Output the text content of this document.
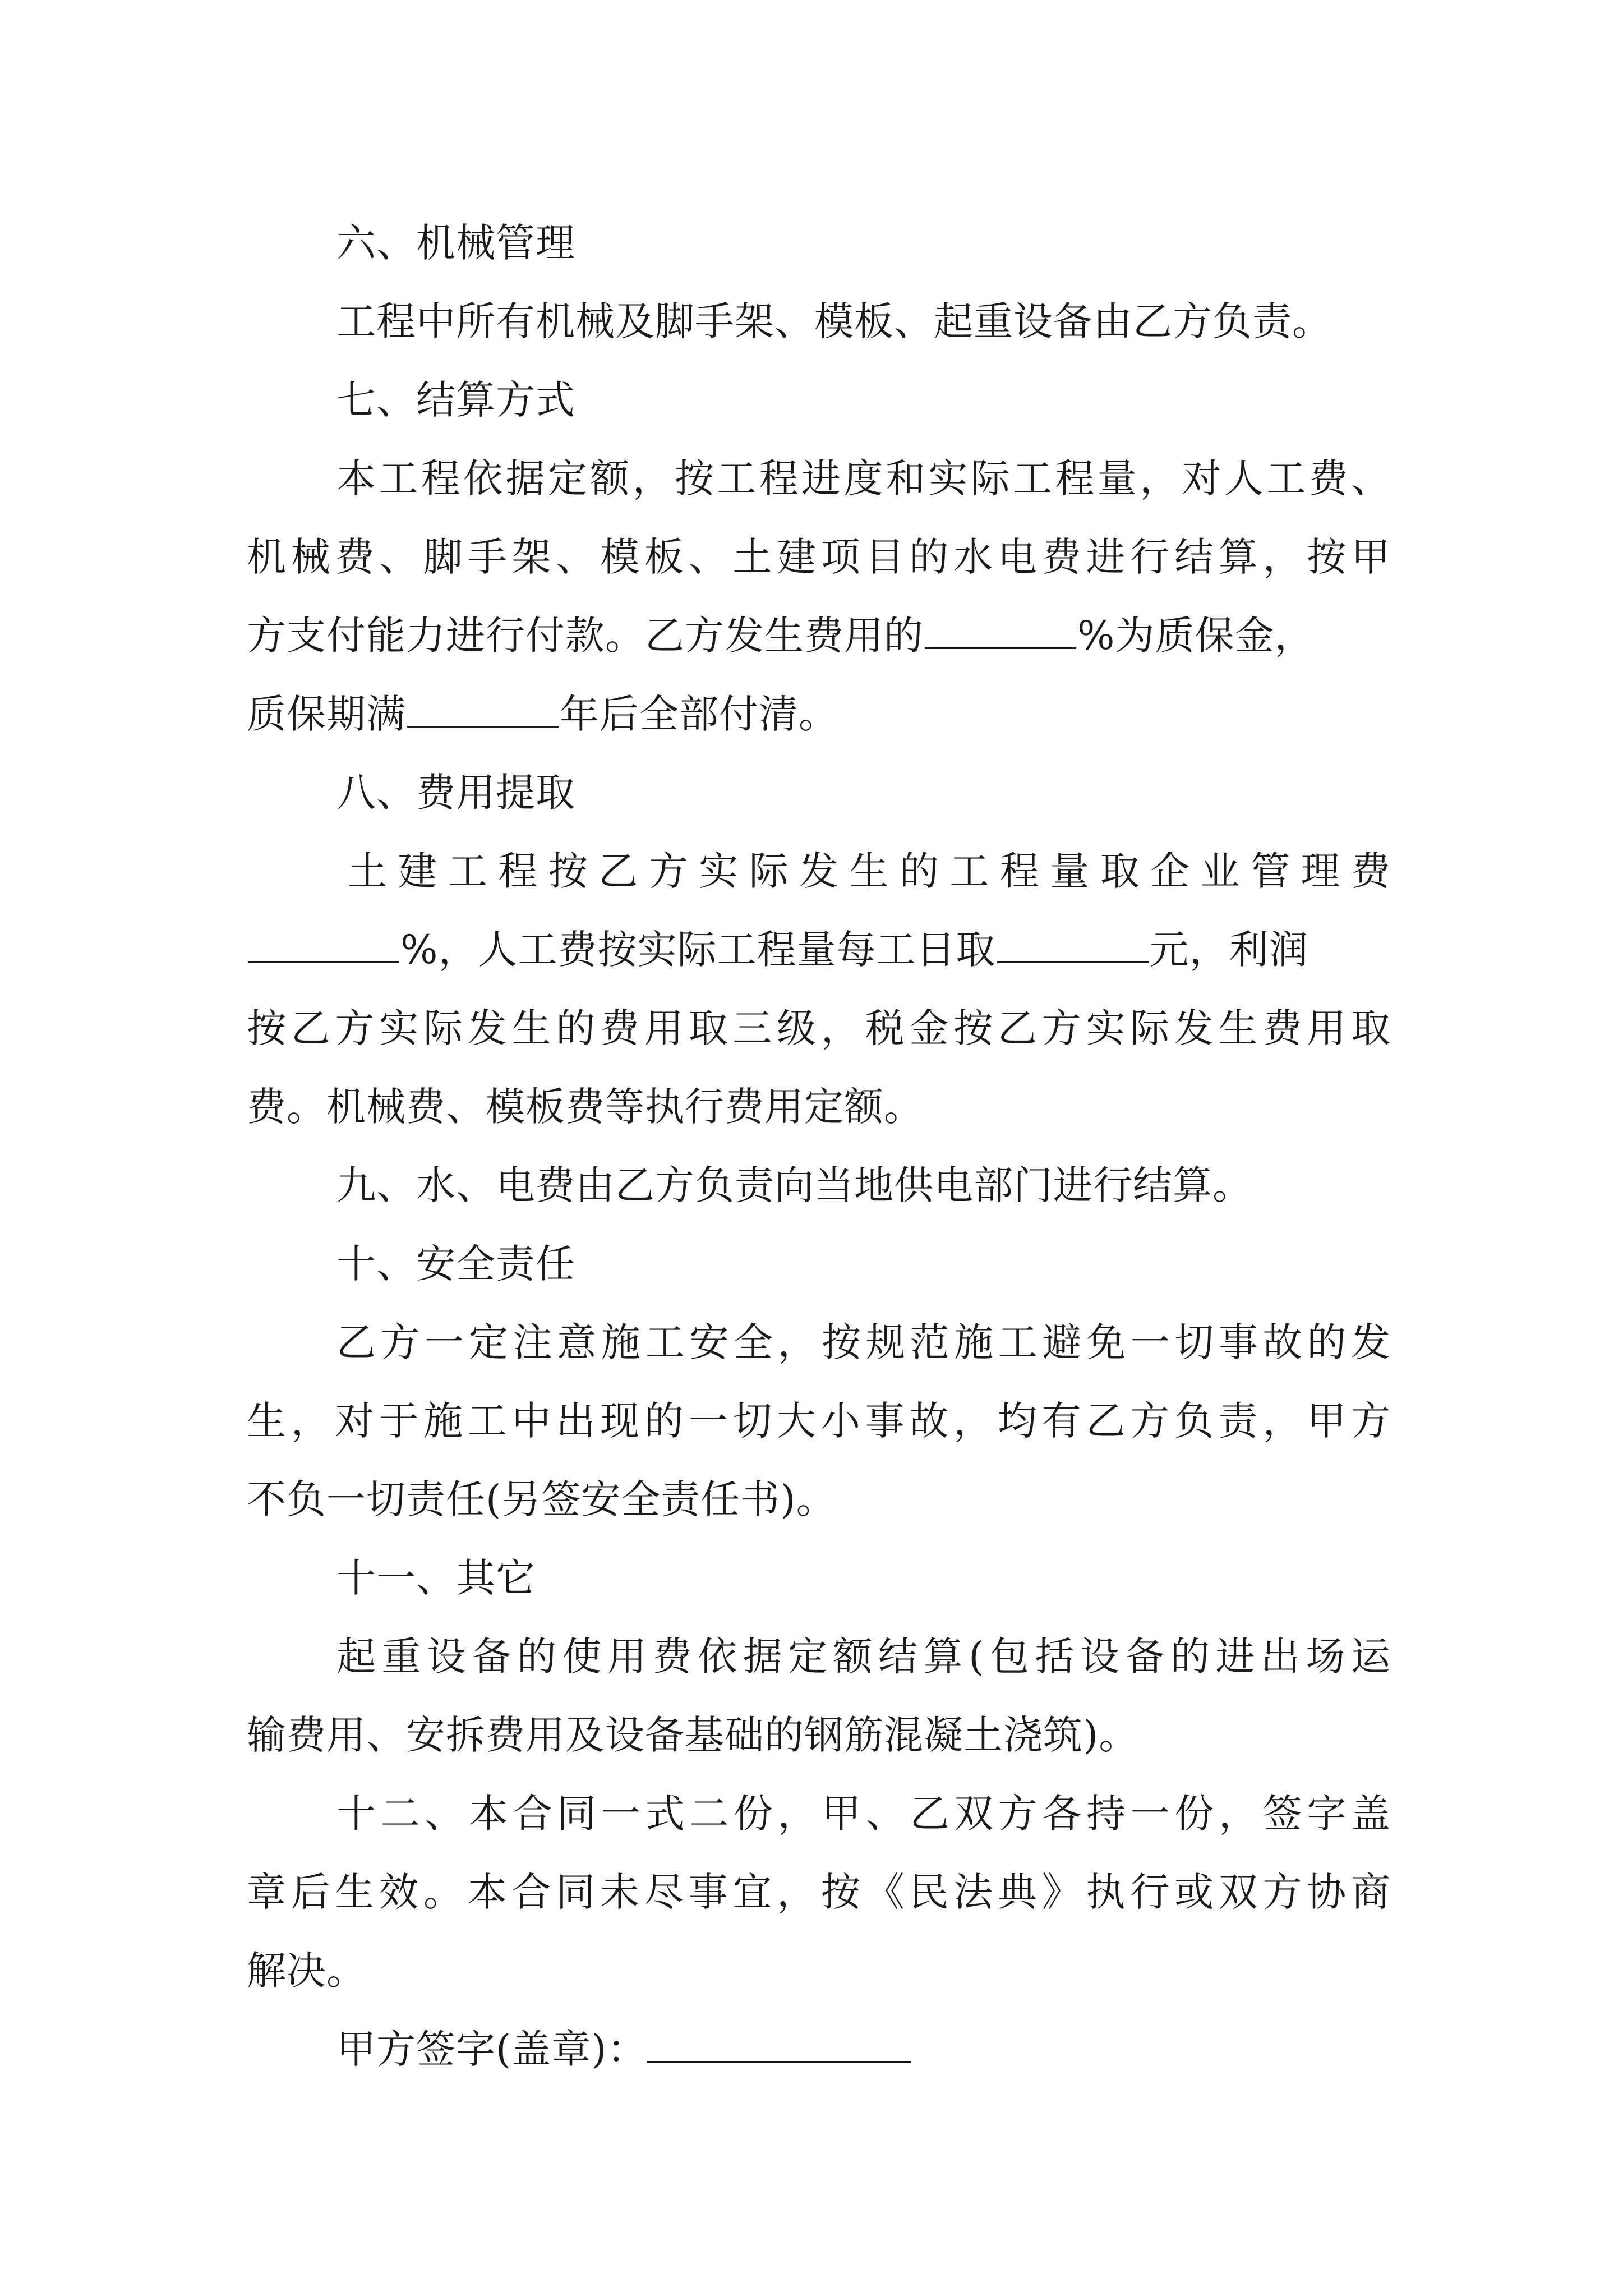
六、机械管理
工程中所有机械及脚手架、模板、起重设备由乙方负责。
七、结算方式
本工程依据定额，按工程进度和实际工程量，对人工费、
机械费、脚手架、模板、土建项目的水电费进行结算，按甲
方支付能力进行付款。乙方发生费用的	%为质保金，
质保期满	年后全部付清。
八、费用提取
土建工程按乙方实际发生的工程量取企业管理费
%，人工费按实际工程量每工日取	元，利润
按乙方实际发生的费用取三级，税金按乙方实际发生费用取
费。机械费、模板费等执行费用定额。
九、水、电费由乙方负责向当地供电部门进行结算。
十、安全责任
乙方一定注意施工安全，按规范施工避免一切事故的发
生，对于施工中出现的一切大小事故，均有乙方负责，甲方
不负一切责任(另签安全责任书)。
十一、其它
起重设备的使用费依据定额结算(包括设备的进出场运
输费用、安拆费用及设备基础的钢筋混凝土浇筑)。
十二、本合同一式二份，甲、乙双方各持一份，签字盖
章后生效。本合同未尽事宜，按《民法典》执行或双方协商
解决。
甲方签字(盖章)：
